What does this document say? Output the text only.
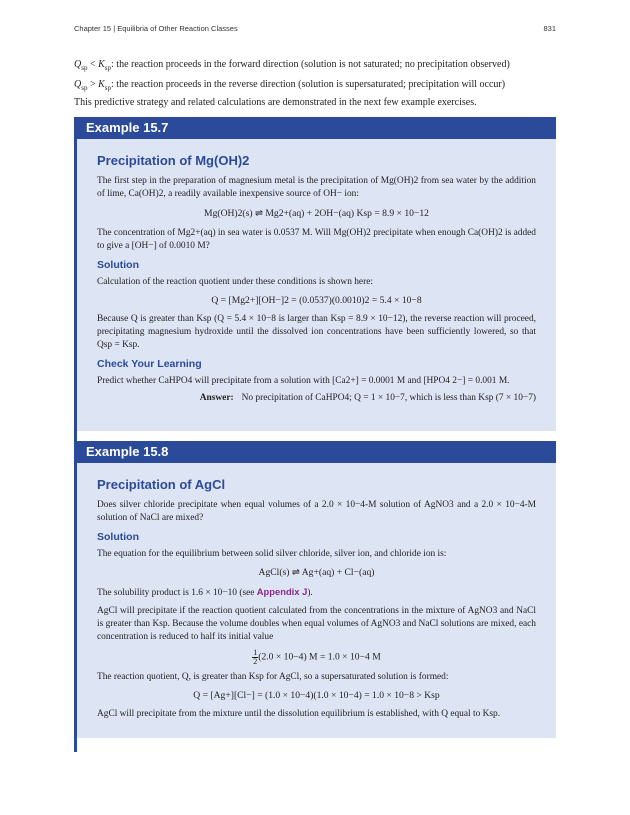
Chapter 15 | Equilibria of Other Reaction Classes	831
$Q_{sp} < K_{sp}$: the reaction proceeds in the forward direction (solution is not saturated; no precipitation observed)
$Q_{sp} > K_{sp}$: the reaction proceeds in the reverse direction (solution is supersaturated; precipitation will occur)
This predictive strategy and related calculations are demonstrated in the next few example exercises.
Example 15.7
Precipitation of Mg(OH)2

The first step in the preparation of magnesium metal is the precipitation of Mg(OH)2 from sea water by the addition of lime, Ca(OH)2, a readily available inexpensive source of OH− ion:

Mg(OH)2(s) ⇌ Mg2+(aq) + 2OH−(aq) Ksp = 8.9 × 10−12

The concentration of Mg2+(aq) in sea water is 0.0537 M. Will Mg(OH)2 precipitate when enough Ca(OH)2 is added to give a [OH−] of 0.0010 M?

Solution

Calculation of the reaction quotient under these conditions is shown here:

Q = [Mg2+][OH−]2 = (0.0537)(0.0010)2 = 5.4 × 10−8

Because Q is greater than Ksp (Q = 5.4 × 10−8 is larger than Ksp = 8.9 × 10−12), the reverse reaction will proceed, precipitating magnesium hydroxide until the dissolved ion concentrations have been sufficiently lowered, so that Qsp = Ksp.

Check Your Learning

Predict whether CaHPO4 will precipitate from a solution with [Ca2+] = 0.0001 M and [HPO4 2−] = 0.001 M.

Answer: No precipitation of CaHPO4; Q = 1 × 10−7, which is less than Ksp (7 × 10−7)
Example 15.8
Precipitation of AgCl

Does silver chloride precipitate when equal volumes of a 2.0 × 10−4-M solution of AgNO3 and a 2.0 × 10−4-M solution of NaCl are mixed?

Solution

The equation for the equilibrium between solid silver chloride, silver ion, and chloride ion is:

AgCl(s) ⇌ Ag+(aq) + Cl−(aq)

The solubility product is 1.6 × 10−10 (see Appendix J).

AgCl will precipitate if the reaction quotient calculated from the concentrations in the mixture of AgNO3 and NaCl is greater than Ksp. Because the volume doubles when equal volumes of AgNO3 and NaCl solutions are mixed, each concentration is reduced to half its initial value

$\frac{1}{2} (2.0 \times 10-4) M = 1.0 \times 10-4$ M

The reaction quotient, Q, is greater than Ksp for AgCl, so a supersaturated solution is formed:

Q = [Ag+][Cl−] = (1.0 × 10−4)(1.0 × 10−4) = 1.0 × 10−8 > Ksp

AgCl will precipitate from the mixture until the dissolution equilibrium is established, with Q equal to Ksp.
